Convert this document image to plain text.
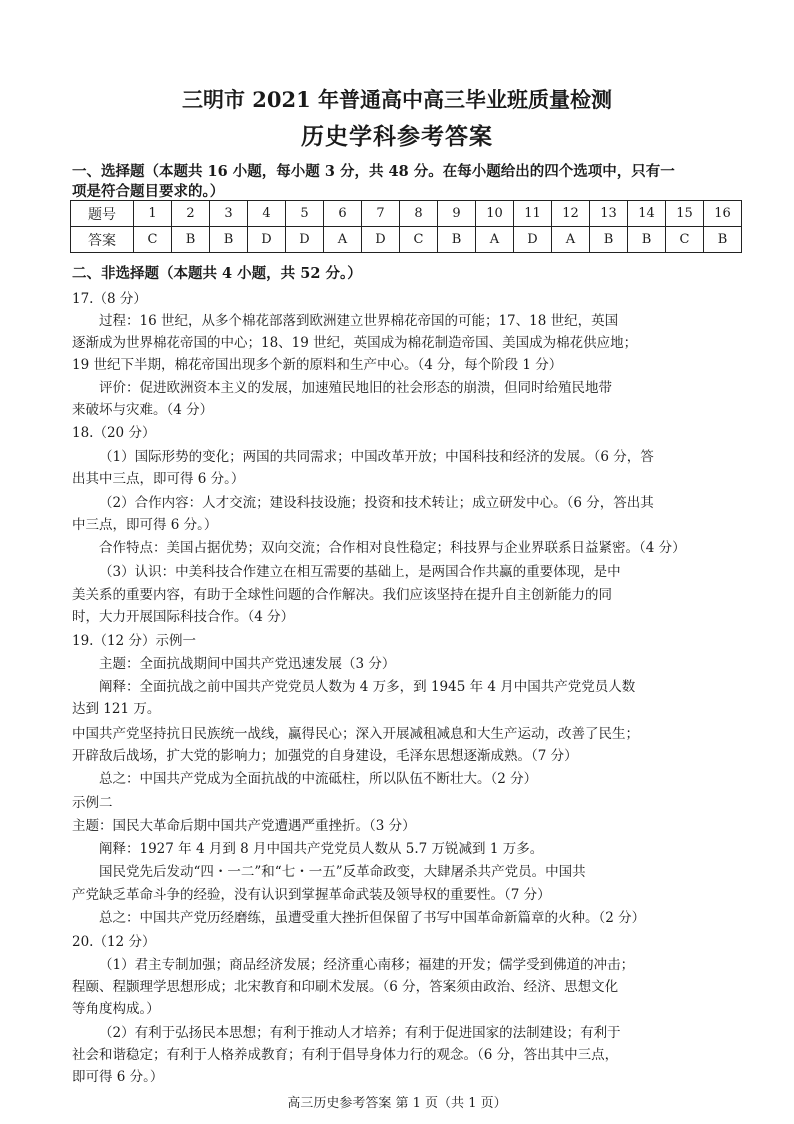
三明市 2021 年普通高中高三毕业班质量检测
历史学科参考答案
一、选择题（本题共 16 小题，每小题 3 分，共 48 分。在每小题给出的四个选项中，只有一
项是符合题目要求的。）
题号	1	2	3	4	5	6	7	8	9	10	11	12	13	14	15	16
答案	C	B	B	D	D	A	D	C	B	A	D	A	B	B	C	B
二、非选择题（本题共 4 小题，共 52 分。）
17.（8 分）
过程：16 世纪，从多个棉花部落到欧洲建立世界棉花帝国的可能；17、18 世纪，英国
逐渐成为世界棉花帝国的中心；18、19 世纪，英国成为棉花制造帝国、美国成为棉花供应地；
19 世纪下半期，棉花帝国出现多个新的原料和生产中心。（4 分，每个阶段 1 分）
评价：促进欧洲资本主义的发展，加速殖民地旧的社会形态的崩溃，但同时给殖民地带
来破坏与灾难。（4 分）
18.（20 分）
（1）国际形势的变化；两国的共同需求；中国改革开放；中国科技和经济的发展。（6 分，答
出其中三点，即可得 6 分。）
（2）合作内容：人才交流；建设科技设施；投资和技术转让；成立研发中心。（6 分，答出其
中三点，即可得 6 分。）
合作特点：美国占据优势；双向交流；合作相对良性稳定；科技界与企业界联系日益紧密。（4 分）
（3）认识：中美科技合作建立在相互需要的基础上，是两国合作共赢的重要体现，是中
美关系的重要内容，有助于全球性问题的合作解决。我们应该坚持在提升自主创新能力的同
时，大力开展国际科技合作。（4 分）
19.（12 分）示例一
主题：全面抗战期间中国共产党迅速发展（3 分）
阐释：全面抗战之前中国共产党党员人数为 4 万多，到 1945 年 4 月中国共产党党员人数
达到 121 万。
中国共产党坚持抗日民族统一战线，赢得民心；深入开展减租减息和大生产运动，改善了民生；
开辟敌后战场，扩大党的影响力；加强党的自身建设，毛泽东思想逐渐成熟。（7 分）
总之：中国共产党成为全面抗战的中流砥柱，所以队伍不断壮大。（2 分）
示例二
主题：国民大革命后期中国共产党遭遇严重挫折。（3 分）
阐释：1927 年 4 月到 8 月中国共产党党员人数从 5.7 万锐减到 1 万多。
国民党先后发动“四・一二”和“七・一五”反革命政变，大肆屠杀共产党员。中国共
产党缺乏革命斗争的经验，没有认识到掌握革命武装及领导权的重要性。（7 分）
总之：中国共产党历经磨练，虽遭受重大挫折但保留了书写中国革命新篇章的火种。（2 分）
20.（12 分）
（1）君主专制加强；商品经济发展；经济重心南移；福建的开发；儒学受到佛道的冲击；
程颐、程颢理学思想形成；北宋教育和印刷术发展。（6 分，答案须由政治、经济、思想文化
等角度构成。）
（2）有利于弘扬民本思想；有利于推动人才培养；有利于促进国家的法制建设；有利于
社会和谐稳定；有利于人格养成教育；有利于倡导身体力行的观念。（6 分，答出其中三点，
即可得 6 分。）
高三历史参考答案 第 1 页（共 1 页）
